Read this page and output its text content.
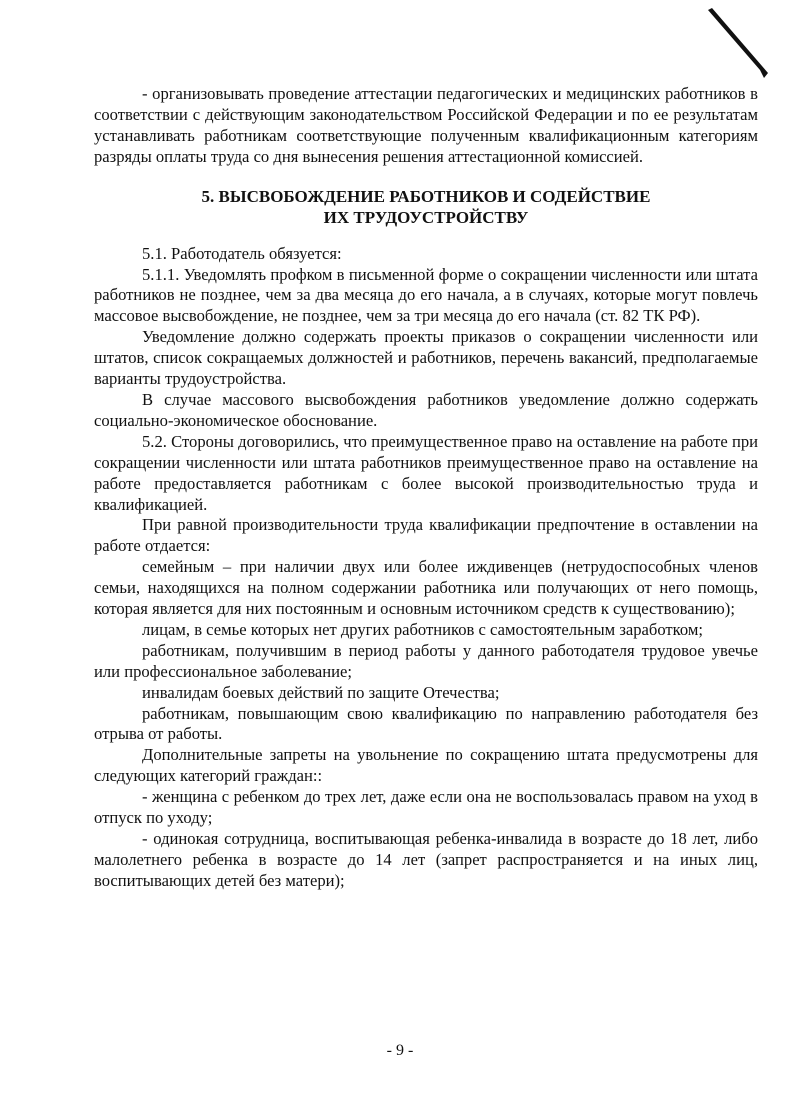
- организовывать проведение аттестации педагогических и медицинских работников в соответствии с действующим законодательством Российской Федерации и по ее результатам устанавливать работникам соответствующие полученным квалификационным категориям разряды оплаты труда со дня вынесения решения аттестационной комиссией.

5. ВЫСВОБОЖДЕНИЕ РАБОТНИКОВ И СОДЕЙСТВИЕ
ИХ ТРУДОУСТРОЙСТВУ

5.1. Работодатель обязуется:

5.1.1. Уведомлять профком в письменной форме о сокращении численности или штата работников не позднее, чем за два месяца до его начала, а в случаях, которые могут повлечь массовое высвобождение, не позднее, чем за три месяца до его начала (ст. 82 ТК РФ).

Уведомление должно содержать проекты приказов о сокращении численности или штатов, список сокращаемых должностей и работников, перечень вакансий, предполагаемые варианты трудоустройства.

В случае массового высвобождения работников уведомление должно содержать социально-экономическое обоснование.

5.2. Стороны договорились, что преимущественное право на оставление на работе при сокращении численности или штата работников преимущественное право на оставление на работе предоставляется работникам с более высокой производительностью труда и квалификацией.

При равной производительности труда квалификации предпочтение в оставлении на работе отдается:

семейным – при наличии двух или более иждивенцев (нетрудоспособных членов семьи, находящихся на полном содержании работника или получающих от него помощь, которая является для них постоянным и основным источником средств к существованию);

лицам, в семье которых нет других работников с самостоятельным заработком;

работникам, получившим в период работы у данного работодателя трудовое увечье или профессиональное заболевание;

инвалидам боевых действий по защите Отечества;

работникам, повышающим свою квалификацию по направлению работодателя без отрыва от работы.

Дополнительные запреты на увольнение по сокращению штата предусмотрены для следующих категорий граждан::

- женщина с ребенком до трех лет, даже если она не воспользовалась правом на уход в отпуск по уходу;

- одинокая сотрудница, воспитывающая ребенка-инвалида в возрасте до 18 лет, либо малолетнего ребенка в возрасте до 14 лет (запрет распространяется и на иных лиц, воспитывающих детей без матери);

- 9 -
